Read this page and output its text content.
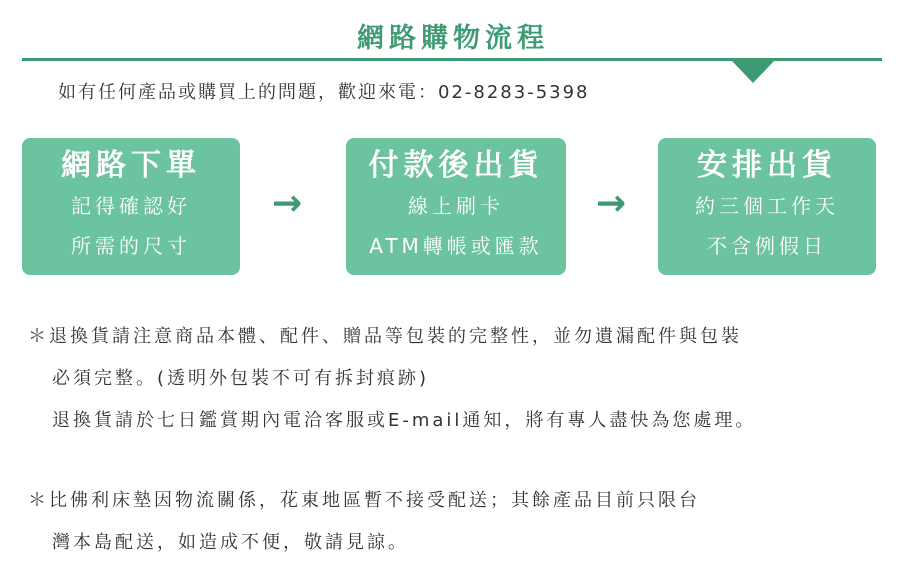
網路購物流程
如有任何產品或購買上的問題，歡迎來電：02-8283-5398
網路下單
記得確認好
所需的尺寸
→
付款後出貨
線上刷卡
ATM轉帳或匯款
→
安排出貨
約三個工作天
不含例假日
＊退換貨請注意商品本體、配件、贈品等包裝的完整性，並勿遺漏配件與包裝
必須完整。(透明外包裝不可有拆封痕跡)
退換貨請於七日鑑賞期內電洽客服或E-mail通知，將有專人盡快為您處理。
＊比佛利床墊因物流關係，花東地區暫不接受配送；其餘產品目前只限台
灣本島配送，如造成不便，敬請見諒。
